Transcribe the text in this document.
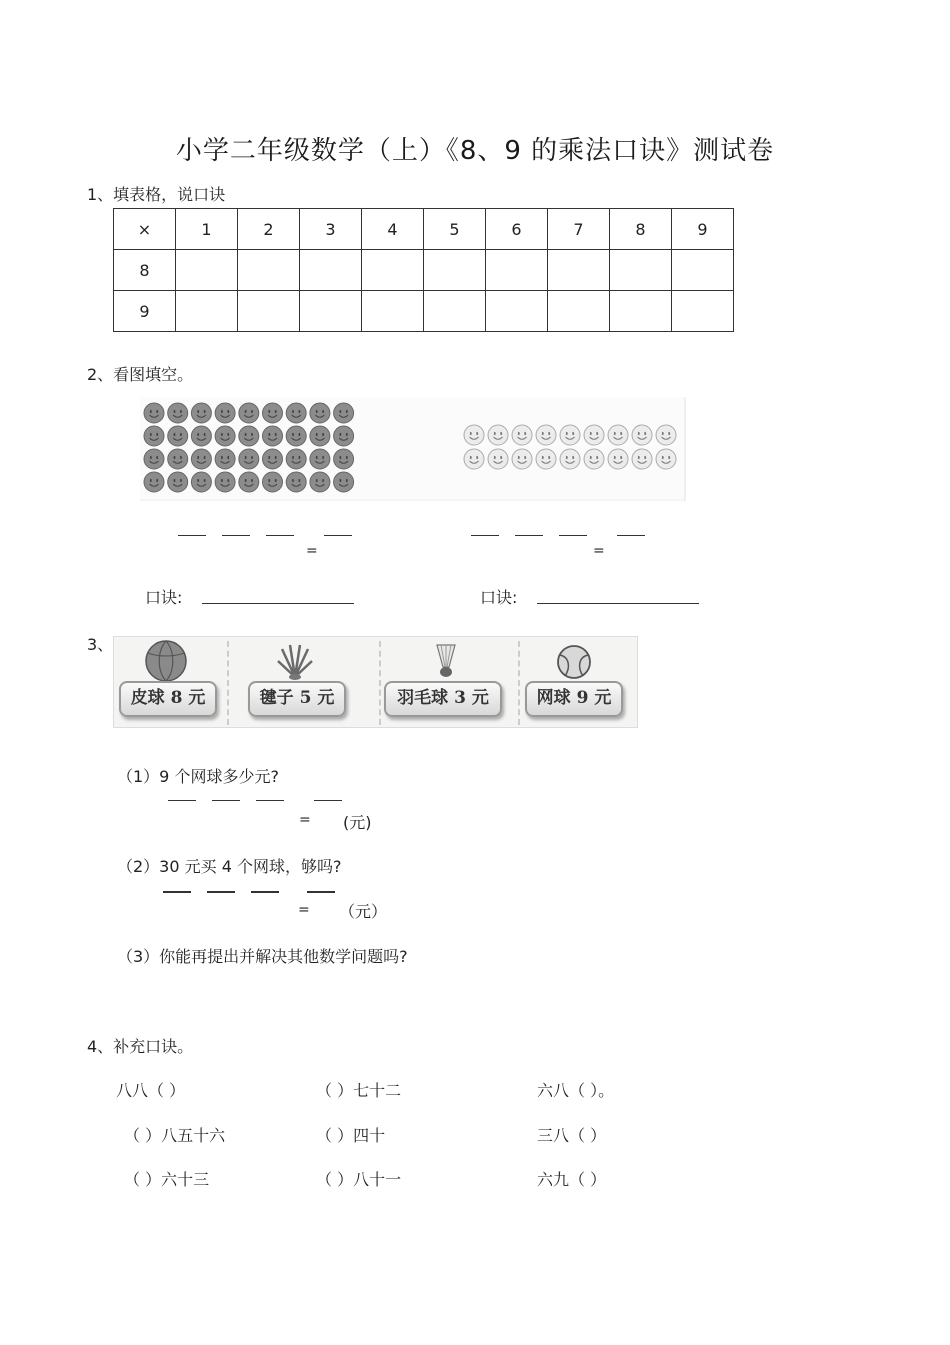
小学二年级数学（上）《8、9 的乘法口诀》测试卷
1、填表格，说口诀
×	1	2	3	4	5	6	7	8	9
8									
9									
2、看图填空。
=	=
口诀:	口诀:
3、
皮球 8 元	毽子 5 元	羽毛球 3 元	网球 9 元
（1）9 个网球多少元?
= (元)
（2）30 元买 4 个网球，够吗?
= （元）
（3）你能再提出并解决其他数学问题吗?
4、补充口诀。
八八（ ）	（ ）七十二	六八（ ）。
（ ）八五十六	（ ）四十	三八（ ）
（ ）六十三	（ ）八十一	六九（ ）
